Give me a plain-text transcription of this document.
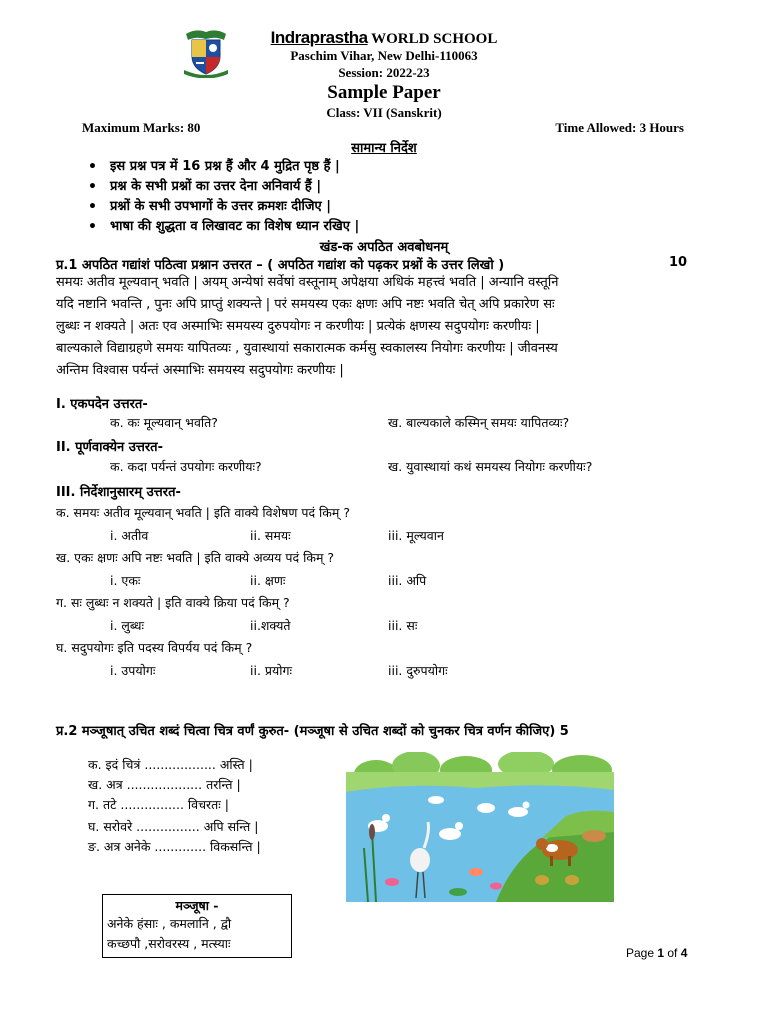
Indraprastha WORLD SCHOOL
Paschim Vihar, New Delhi-110063
Session: 2022-23
Sample Paper
Class: VII (Sanskrit)
Maximum Marks: 80	Time Allowed: 3 Hours
सामान्य निर्देश
• इस प्रश्न पत्र में 16 प्रश्न हैं और 4 मुद्रित पृष्ठ हैं |
• प्रश्न के सभी प्रश्नों का उत्तर देना अनिवार्य हैं |
• प्रश्नों के सभी उपभागों के उत्तर क्रमशः दीजिए |
• भाषा की शुद्धता व लिखावट का विशेष ध्यान रखिए |
खंड-क अपठित अवबोधनम्
प्र.1 अपठित गद्यांशं पठित्वा प्रश्नान उत्तरत – ( अपठित गद्यांश को पढ़कर प्रश्नों के उत्तर लिखो )	10
समयः अतीव मूल्यवान् भवति | अयम् अन्येषां सर्वेषां वस्तूनाम् अपेक्षया अधिकं महत्त्वं भवति | अन्यानि वस्तूनि
यदि नष्टानि भवन्ति , पुनः अपि प्राप्तुं शक्यन्ते | परं समयस्य एकः क्षणः अपि नष्टः भवति चेत् अपि प्रकारेण सः
लुब्धः न शक्यते | अतः एव अस्माभिः समयस्य दुरुपयोगः न करणीयः | प्रत्येकं क्षणस्य सदुपयोगः करणीयः |
बाल्यकाले विद्याग्रहणे समयः यापितव्यः , युवास्थायां सकारात्मक कर्मसु स्वकालस्य नियोगः करणीयः | जीवनस्य
अन्तिम विश्वास पर्यन्तं अस्माभिः समयस्य सदुपयोगः करणीयः |
I. एकपदेन उत्तरत-
क. कः मूल्यवान् भवति?	ख. बाल्यकाले कस्मिन् समयः यापितव्यः?
II. पूर्णवाक्येन उत्तरत-
क. कदा पर्यन्तं उपयोगः करणीयः?	ख. युवास्थायां कथं समयस्य नियोगः करणीयः?
III. निर्देशानुसारम् उत्तरत-
क. समयः अतीव मूल्यवान् भवति | इति वाक्ये विशेषण पदं किम् ?
i. अतीव	ii. समयः	iii. मूल्यवान
ख. एकः क्षणः अपि नष्टः भवति | इति वाक्ये अव्यय पदं किम् ?
i. एकः	ii. क्षणः	iii. अपि
ग. सः लुब्धः न शक्यते | इति वाक्ये क्रिया पदं किम् ?
i. लुब्धः	ii.शक्यते	iii. सः
घ. सदुपयोगः इति पदस्य विपर्यय पदं किम् ?
i. उपयोगः	ii. प्रयोगः	iii. दुरुपयोगः
प्र.2 मञ्जूषात् उचित शब्दं चित्वा चित्र वर्णं कुरुत- (मञ्जूषा से उचित शब्दों को चुनकर चित्र वर्णन कीजिए) 5
क. इदं चित्रं .................. अस्ति |
ख. अत्र ................... तरन्ति |
ग. तटे ................ विचरतः |
घ. सरोवरे ................ अपि सन्ति |
ङ. अत्र अनेके ............. विकसन्ति |
मञ्जूषा -
अनेके हंसाः , कमलानि , द्वौ
कच्छपौ ,सरोवरस्य , मत्स्याः
Page 1 of 4
